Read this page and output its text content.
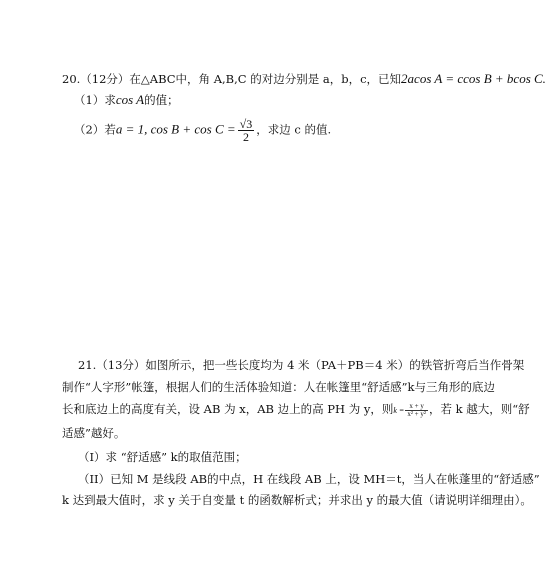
20.（12分）在△ABC中，角 A,B,C 的对边分别是 a，b，c，已知2acos A = ccos B + bcos C.
（1）求cos A的值；
（2）若a = 1, $\cos B + \cos C = \frac{√3}{2}$ ，求边 c 的值.
21.（13分）如图所示，把一些长度均为 4 米（PA＋PB＝4 米）的铁管折弯后当作骨架
制作“人字形”帐篷，根据人们的生活体验知道：人在帐篷里“舒适感”k与三角形的底边
长和底边上的高度有关，设 AB 为 x，AB 边上的高 PH 为 y，则$k = \frac{x + y}{\text{x² + y²}}$ ，若 k 越大，则“舒
适感”越好。
（I）求 “舒适感” k的取值范围；
（II）已知 M 是线段 AB的中点，H 在线段 AB 上，设 MH＝t，当人在帐蓬里的“舒适感”
k 达到最大值时，求 y 关于自变量 t 的函数解析式；并求出 y 的最大值（请说明详细理由）。
